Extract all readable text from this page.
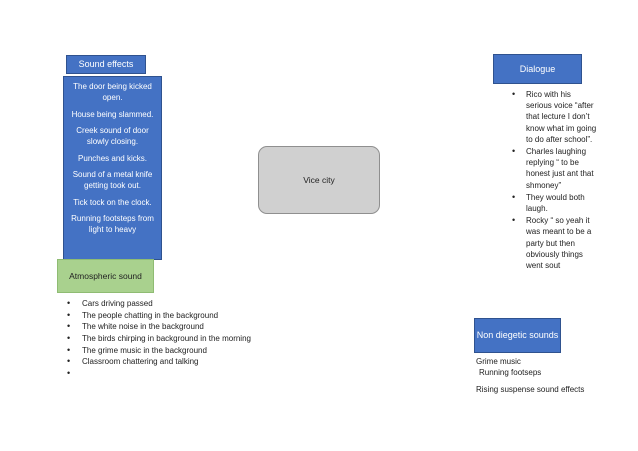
Sound effects
The door being kicked open.
House being slammed.
Creek sound of door slowly closing.
Punches and kicks.
Sound of a metal knife getting took out.
Tick tock on the clock.
Running footsteps from light to heavy
Atmospheric sound
Vice city
Dialogue
• Rico with his serious voice “after that lecture I don’t know what im going to do after school”.
• Charles laughing replying “ to be honest just ant that shmoney”
• They would both laugh.
• Rocky “ so yeah it was meant to be a party but then obviously things went sout
• Cars driving passed
• The people chatting in the background
• The white noise in the background
• The birds chirping in background in the morning
• The grime music in the background
• Classroom chattering and talking
•
Non diegetic sounds
Grime music
Running footseps
Rising suspense sound effects
